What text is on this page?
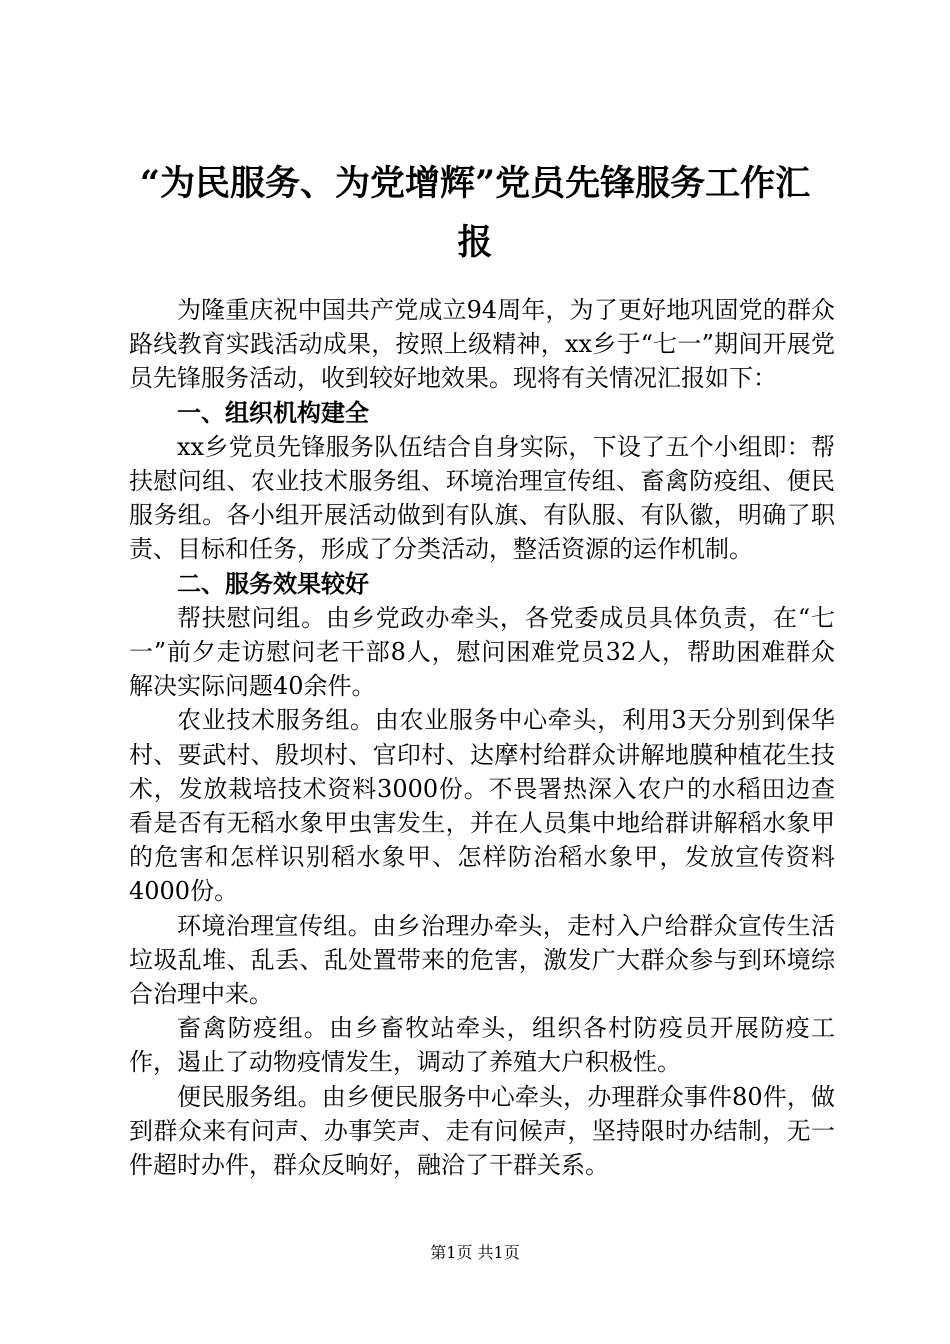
“为民服务、为党增辉”党员先锋服务工作汇
报

为隆重庆祝中国共产党成立94周年，为了更好地巩固党的群众路线教育实践活动成果，按照上级精神，xx乡于“七一”期间开展党员先锋服务活动，收到较好地效果。现将有关情况汇报如下：

一、组织机构建全

xx乡党员先锋服务队伍结合自身实际，下设了五个小组即：帮扶慰问组、农业技术服务组、环境治理宣传组、畜禽防疫组、便民服务组。各小组开展活动做到有队旗、有队服、有队徽，明确了职责、目标和任务，形成了分类活动，整活资源的运作机制。

二、服务效果较好

帮扶慰问组。由乡党政办牵头，各党委成员具体负责，在“七一”前夕走访慰问老干部8人，慰问困难党员32人，帮助困难群众解决实际问题40余件。

农业技术服务组。由农业服务中心牵头，利用3天分别到保华村、要武村、殷坝村、官印村、达摩村给群众讲解地膜种植花生技术，发放栽培技术资料3000份。不畏署热深入农户的水稻田边查看是否有无稻水象甲虫害发生，并在人员集中地给群讲解稻水象甲的危害和怎样识别稻水象甲、怎样防治稻水象甲，发放宣传资料4000份。

环境治理宣传组。由乡治理办牵头，走村入户给群众宣传生活垃圾乱堆、乱丢、乱处置带来的危害，激发广大群众参与到环境综合治理中来。

畜禽防疫组。由乡畜牧站牵头，组织各村防疫员开展防疫工作，遏止了动物疫情发生，调动了养殖大户积极性。

便民服务组。由乡便民服务中心牵头，办理群众事件80件，做到群众来有问声、办事笑声、走有问候声，坚持限时办结制，无一件超时办件，群众反晌好，融洽了干群关系。

第1页 共1页
